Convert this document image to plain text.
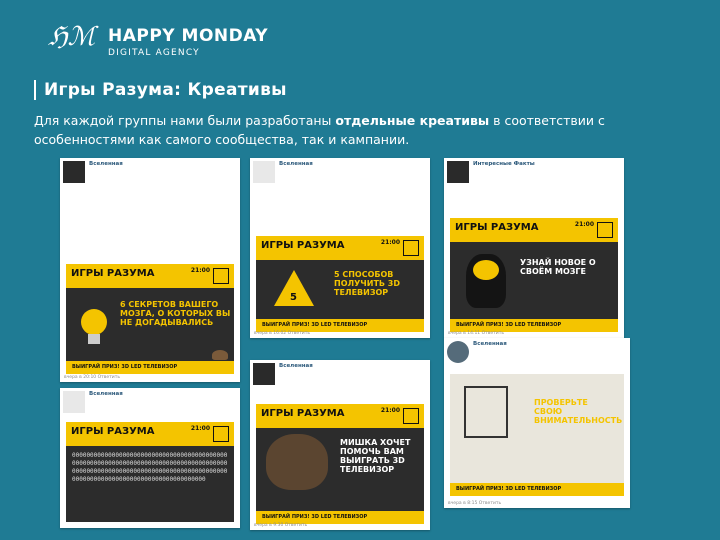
ℌℳ HAPPY MONDAY
DIGITAL AGENCY
Игры Разума: Креативы
Для каждой группы нами были разработаны отдельные креативы в соответствии с особенностями как самого сообщества, так и кампании.
Вселенная
ИГРЫ РАЗУМА	21:00
6 СЕКРЕТОВ ВАШЕГО МОЗГА, О КОТОРЫХ ВЫ НЕ ДОГАДЫВАЛИСЬ
ВЫИГРАЙ ПРИЗ! 3D LED ТЕЛЕВИЗОР
вчера в 20:10 Ответить
Вселенная
ИГРЫ РАЗУМА	21:00
5
5 СПОСОБОВ ПОЛУЧИТЬ 3D ТЕЛЕВИЗОР
ВЫИГРАЙ ПРИЗ! 3D LED ТЕЛЕВИЗОР
вчера в 16:02 Ответить
Интересные Факты
ИГРЫ РАЗУМА	21:00
УЗНАЙ НОВОЕ О СВОЁМ МОЗГЕ
ВЫИГРАЙ ПРИЗ! 3D LED ТЕЛЕВИЗОР
вчера в 14:11 Ответить
Вселенная
ИГРЫ РАЗУМА	21:00
0000000000000000000000000000000000000000000000000000000000000000000000000000000000000000000000000000000000000000000000000000000000000000000000000000000000000000000000
Вселенная
ИГРЫ РАЗУМА	21:00
МИШКА ХОЧЕТ ПОМОЧЬ ВАМ ВЫИГРАТЬ 3D ТЕЛЕВИЗОР
ВЫИГРАЙ ПРИЗ! 3D LED ТЕЛЕВИЗОР
вчера в 9:30 Ответить
Вселенная
ПРОВЕРЬТЕ СВОЮ ВНИМАТЕЛЬНОСТЬ
ВЫИГРАЙ ПРИЗ! 3D LED ТЕЛЕВИЗОР
вчера в 8:15 Ответить
